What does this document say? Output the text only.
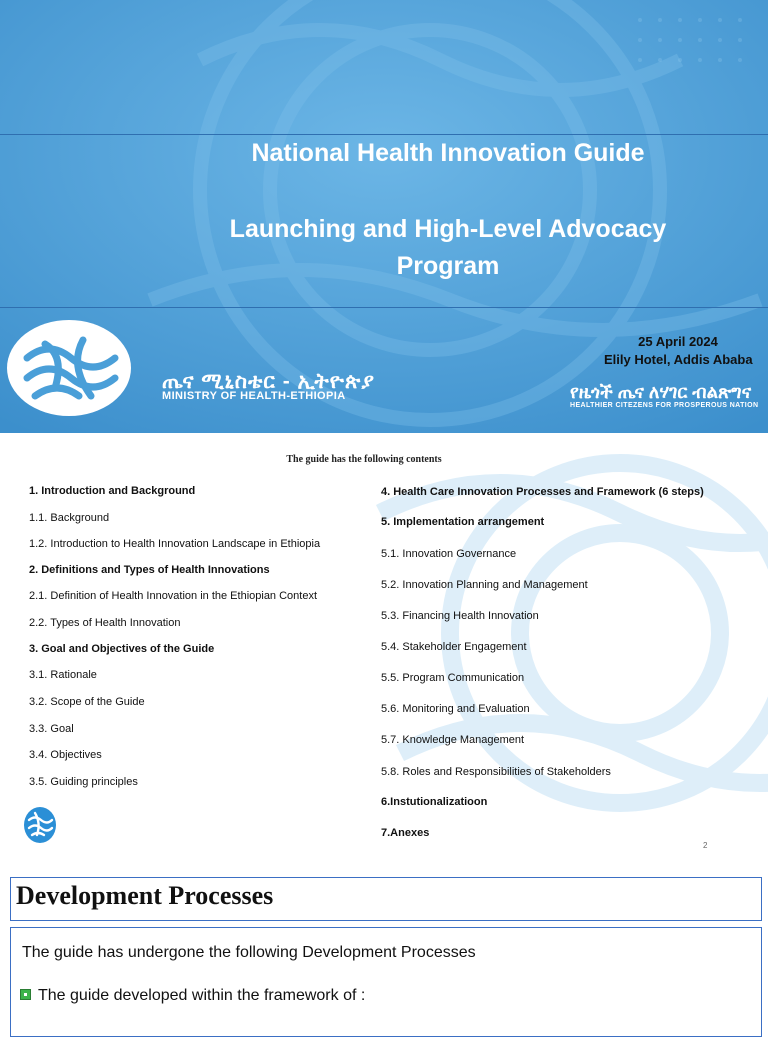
National Health Innovation Guide
Launching and High-Level Advocacy Program
ጤና ሚኒስቴር - ኢትዮጵያ
MINISTRY OF HEALTH-ETHIOPIA
25 April 2024
Elily Hotel, Addis Ababa
የዜጎች ጤና ለሃገር ብልጽግና
HEALTHIER CITEZENS FOR PROSPEROUS NATION
The guide has the following contents
1. Introduction and Background
1.1. Background
1.2. Introduction to Health Innovation Landscape in Ethiopia
2. Definitions and Types of Health Innovations
2.1. Definition of Health Innovation in the Ethiopian Context
2.2. Types of Health Innovation
3. Goal and Objectives of the Guide
3.1. Rationale
3.2. Scope of the Guide
3.3. Goal
3.4. Objectives
3.5. Guiding principles
4. Health Care Innovation Processes and Framework (6 steps)
5. Implementation arrangement
5.1. Innovation Governance
5.2. Innovation Planning and Management
5.3. Financing Health Innovation
5.4. Stakeholder Engagement
5.5. Program Communication
5.6. Monitoring and Evaluation
5.7. Knowledge Management
5.8. Roles and Responsibilities of Stakeholders
6.Instutionalizatioon
7.Anexes
2
Development Processes
The guide has undergone the following Development Processes
The guide developed within the framework of :
